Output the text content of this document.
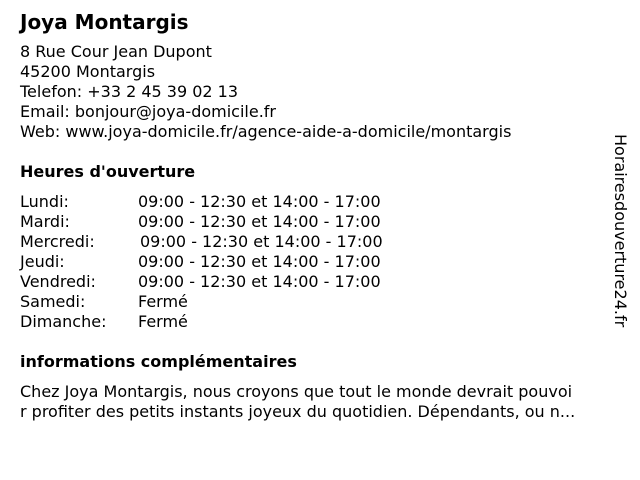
Joya Montargis
8 Rue Cour Jean Dupont
45200 Montargis
Telefon: +33 2 45 39 02 13
Email: bonjour@joya-domicile.fr
Web: www.joya-domicile.fr/agence-aide-a-domicile/montargis
Heures d'ouverture
Lundi:	09:00 - 12:30 et 14:00 - 17:00
Mardi:	09:00 - 12:30 et 14:00 - 17:00
Mercredi:	09:00 - 12:30 et 14:00 - 17:00
Jeudi:	09:00 - 12:30 et 14:00 - 17:00
Vendredi:	09:00 - 12:30 et 14:00 - 17:00
Samedi:	Fermé
Dimanche:	Fermé
informations complémentaires
Chez Joya Montargis, nous croyons que tout le monde devrait pouvoi
r profiter des petits instants joyeux du quotidien. Dépendants, ou n...
Horairesdouverture24.fr
